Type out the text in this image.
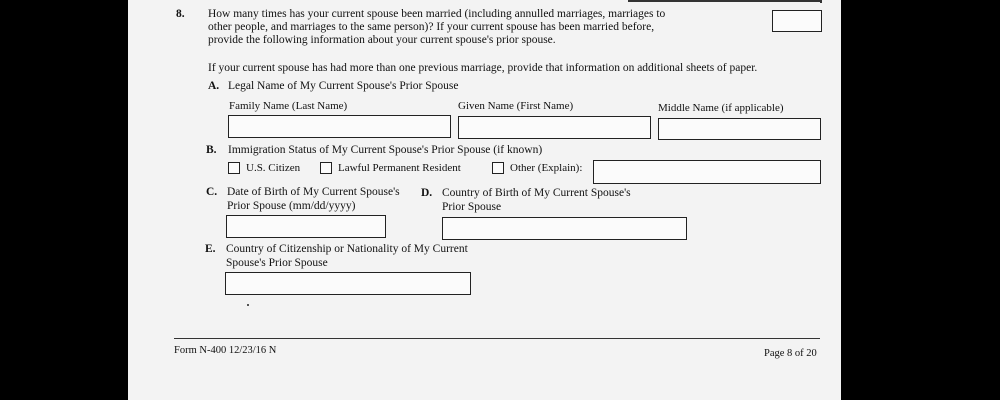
8. How many times has your current spouse been married (including annulled marriages, marriages to
other people, and marriages to the same person)? If your current spouse has been married before,
provide the following information about your current spouse's prior spouse.
If your current spouse has had more than one previous marriage, provide that information on additional sheets of paper.
A. Legal Name of My Current Spouse's Prior Spouse
Family Name (Last Name)	Given Name (First Name)	Middle Name (if applicable)
B. Immigration Status of My Current Spouse's Prior Spouse (if known)
U.S. Citizen	Lawful Permanent Resident	Other (Explain):
C. Date of Birth of My Current Spouse's
Prior Spouse (mm/dd/yyyy)
D. Country of Birth of My Current Spouse's
Prior Spouse
E. Country of Citizenship or Nationality of My Current
Spouse's Prior Spouse
Form N-400 12/23/16 N	Page 8 of 20
